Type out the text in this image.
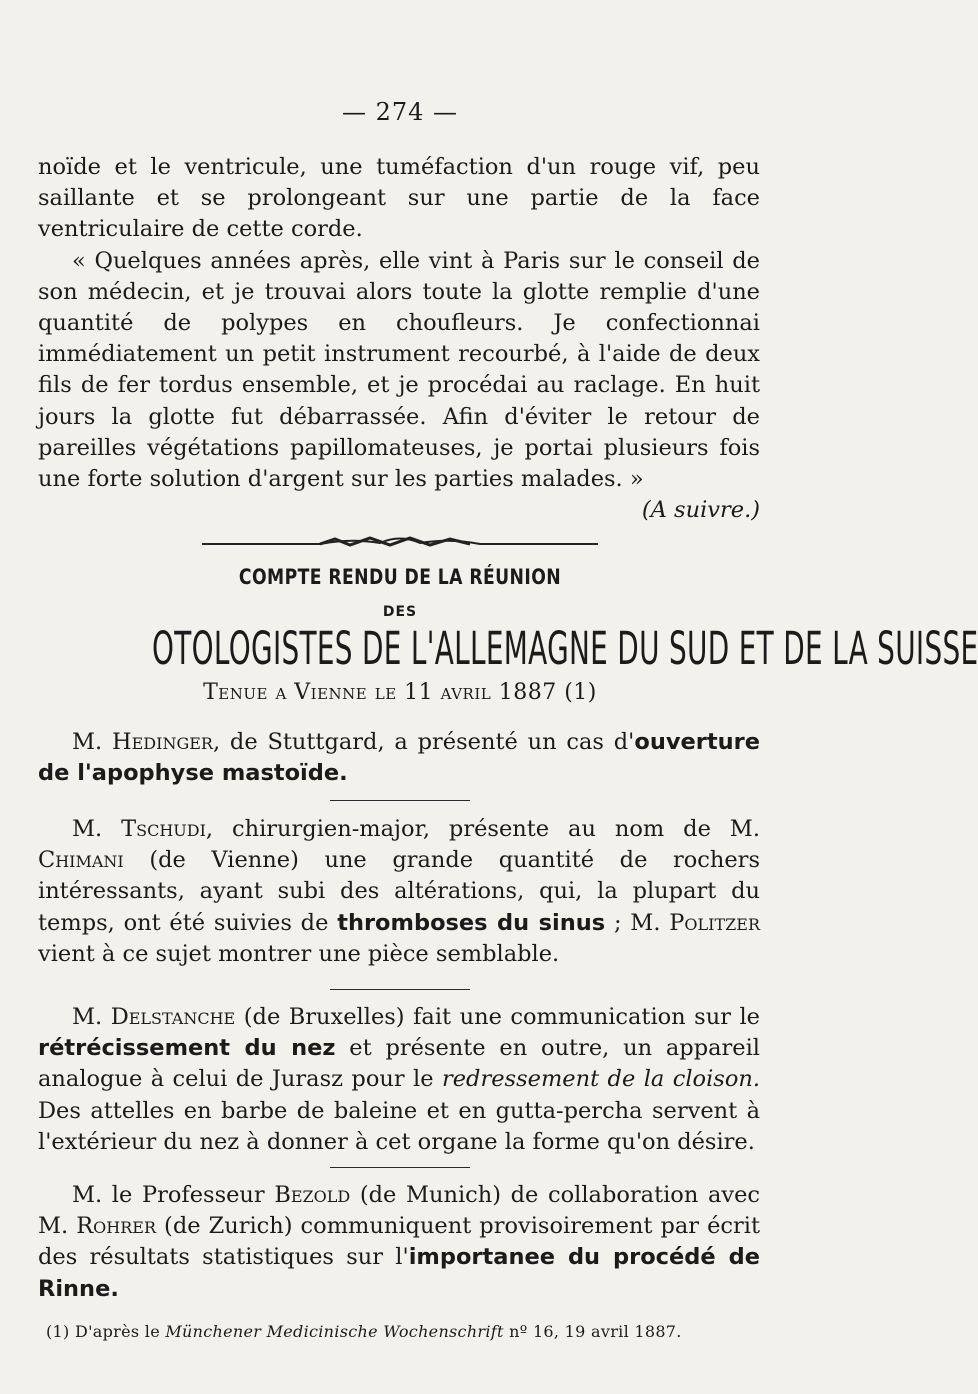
— 274 —

noïde et le ventricule, une tuméfaction d'un rouge vif, peu saillante et se prolongeant sur une partie de la face ventriculaire de cette corde.

« Quelques années après, elle vint à Paris sur le conseil de son médecin, et je trouvai alors toute la glotte remplie d'une quantité de polypes en choufleurs. Je confectionnai immédiatement un petit instrument recourbé, à l'aide de deux fils de fer tordus ensemble, et je procédai au raclage. En huit jours la glotte fut débarrassée. Afin d'éviter le retour de pareilles végétations papillomateuses, je portai plusieurs fois une forte solution d'argent sur les parties malades. »

(A suivre.)

COMPTE RENDU DE LA RÉUNION
DES
OTOLOGISTES DE L'ALLEMAGNE DU SUD ET DE LA SUISSE
Tenue a Vienne le 11 avril 1887 (1)

M. Hedinger, de Stuttgard, a présenté un cas d'ouverture de l'apophyse mastoïde.

M. Tschudi, chirurgien-major, présente au nom de M. Chimani (de Vienne) une grande quantité de rochers intéressants, ayant subi des altérations, qui, la plupart du temps, ont été suivies de thromboses du sinus ; M. Politzer vient à ce sujet montrer une pièce semblable.

M. Delstanche (de Bruxelles) fait une communication sur le rétrécissement du nez et présente en outre, un appareil analogue à celui de Jurasz pour le redressement de la cloison. Des attelles en barbe de baleine et en gutta-percha servent à l'extérieur du nez à donner à cet organe la forme qu'on désire.

M. le Professeur Bezold (de Munich) de collaboration avec M. Rohrer (de Zurich) communiquent provisoirement par écrit des résultats statistiques sur l'importanee du procédé de Rinne.

(1) D'après le Münchener Medicinische Wochenschrift nº 16, 19 avril 1887.
